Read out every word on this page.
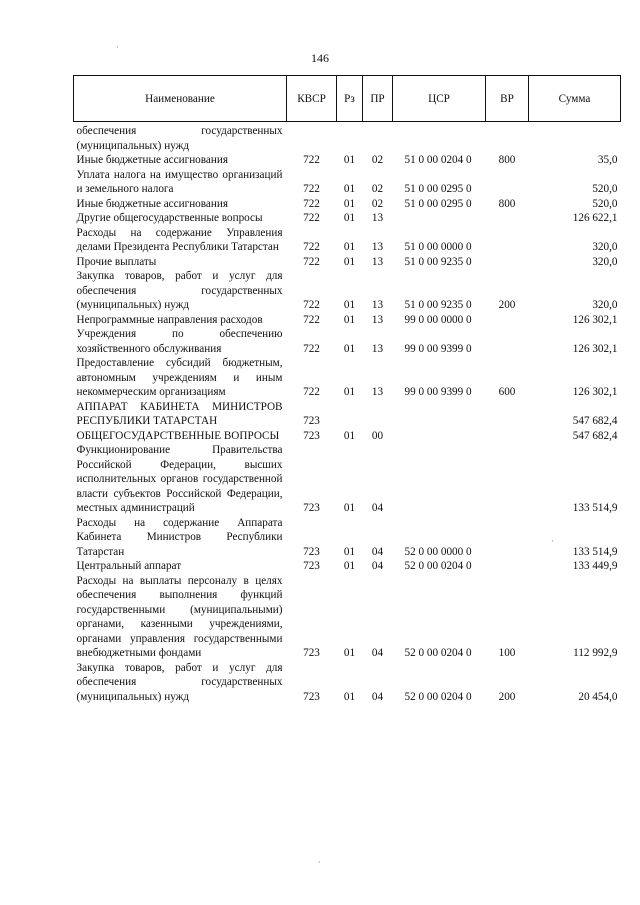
146
Наименование	КВСР	Рз	ПР	ЦСР	ВР	Сумма
обеспечения государственных (муниципальных) нужд						
Иные бюджетные ассигнования	722	01	02	51 0 00 0204 0	800	35,0
Уплата налога на имущество организаций и земельного налога	722	01	02	51 0 00 0295 0		520,0
Иные бюджетные ассигнования	722	01	02	51 0 00 0295 0	800	520,0
Другие общегосударственные вопросы	722	01	13			126 622,1
Расходы на содержание Управления делами Президента Республики Татарстан	722	01	13	51 0 00 0000 0		320,0
Прочие выплаты	722	01	13	51 0 00 9235 0		320,0
Закупка товаров, работ и услуг для обеспечения государственных (муниципальных) нужд	722	01	13	51 0 00 9235 0	200	320,0
Непрограммные направления расходов	722	01	13	99 0 00 0000 0		126 302,1
Учреждения по обеспечению хозяйственного обслуживания	722	01	13	99 0 00 9399 0		126 302,1
Предоставление субсидий бюджетным, автономным учреждениям и иным некоммерческим организациям	722	01	13	99 0 00 9399 0	600	126 302,1
АППАРАТ КАБИНЕТА МИНИСТРОВ РЕСПУБЛИКИ ТАТАРСТАН	723					547 682,4
ОБЩЕГОСУДАРСТВЕННЫЕ ВОПРОСЫ	723	01	00			547 682,4
Функционирование Правительства Российской Федерации, высших исполнительных органов государственной власти субъектов Российской Федерации, местных администраций	723	01	04			133 514,9
Расходы на содержание Аппарата Кабинета Министров Республики Татарстан	723	01	04	52 0 00 0000 0		133 514,9
Центральный аппарат	723	01	04	52 0 00 0204 0		133 449,9
Расходы на выплаты персоналу в целях обеспечения выполнения функций государственными (муниципальными) органами, казенными учреждениями, органами управления государственными внебюджетными фондами	723	01	04	52 0 00 0204 0	100	112 992,9
Закупка товаров, работ и услуг для обеспечения государственных (муниципальных) нужд	723	01	04	52 0 00 0204 0	200	20 454,0
·
·
·
